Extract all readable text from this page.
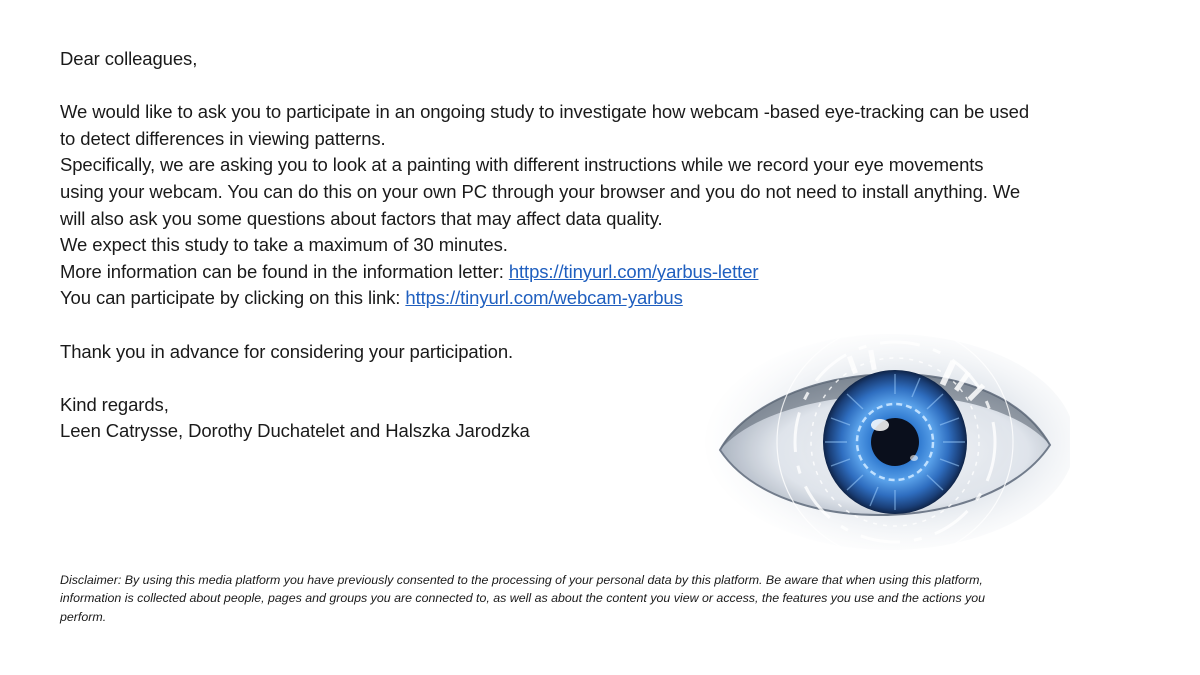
Dear colleagues,

We would like to ask you to participate in an ongoing study to investigate how webcam -based eye-tracking can be used

to detect differences in viewing patterns.

Specifically, we are asking you to look at a painting with different instructions while we record your eye movements

using your webcam. You can do this on your own PC through your browser and you do not need to install anything. We

will also ask you some questions about factors that may affect data quality.

We expect this study to take a maximum of 30 minutes.

More information can be found in the information letter: https://tinyurl.com/yarbus-letter

You can participate by clicking on this link: https://tinyurl.com/webcam-yarbus

Thank you in advance for considering your participation.

Kind regards,

Leen Catrysse, Dorothy Duchatelet and Halszka Jarodzka

Disclaimer: By using this media platform you have previously consented to the processing of your personal data by this platform. Be aware that when using this platform,
information is collected about people, pages and groups you are connected to, as well as about the content you view or access, the features you use and the actions you
perform.
